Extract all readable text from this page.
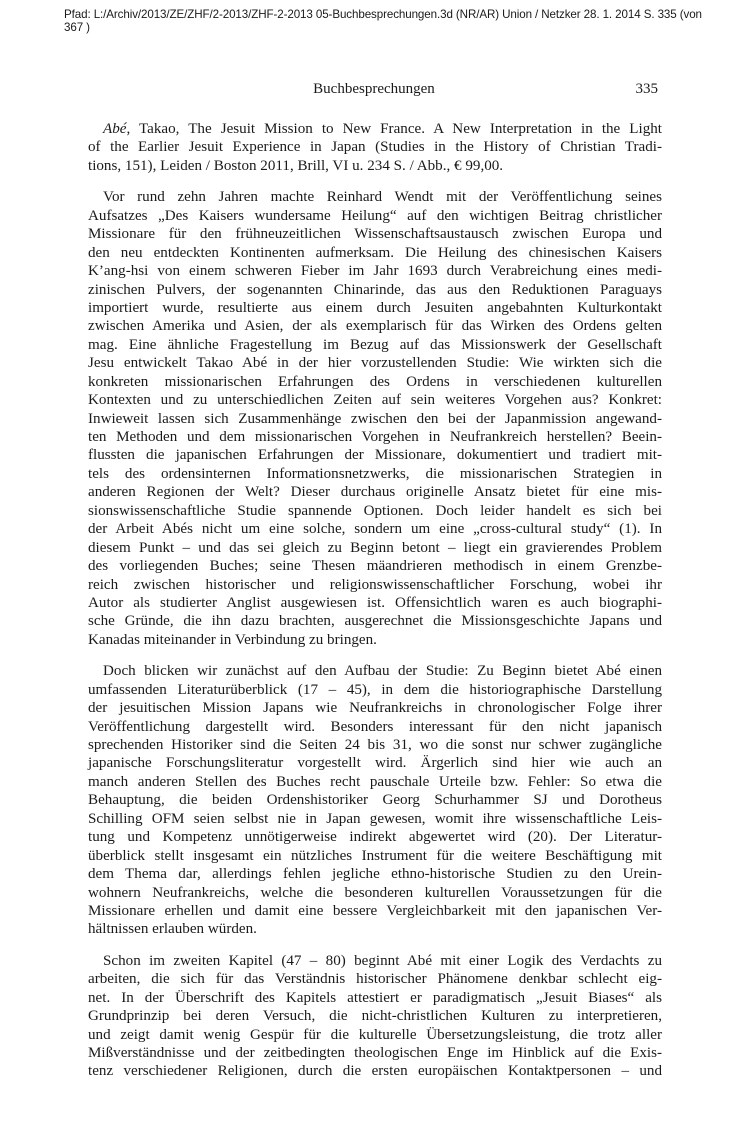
Pfad: L:/Archiv/2013/ZE/ZHF/2-2013/ZHF-2-2013 05-Buchbesprechungen.3d (NR/AR) Union / Netzker 28. 1. 2014 S. 335 (von 367 )
Buchbesprechungen	335
Abé, Takao, The Jesuit Mission to New France. A New Interpretation in the Light
of the Earlier Jesuit Experience in Japan (Studies in the History of Christian Tradi-
tions, 151), Leiden / Boston 2011, Brill, VI u. 234 S. / Abb., € 99,00.
Vor rund zehn Jahren machte Reinhard Wendt mit der Veröffentlichung seines
Aufsatzes „Des Kaisers wundersame Heilung“ auf den wichtigen Beitrag christlicher
Missionare für den frühneuzeitlichen Wissenschaftsaustausch zwischen Europa und
den neu entdeckten Kontinenten aufmerksam. Die Heilung des chinesischen Kaisers
K’ang-hsi von einem schweren Fieber im Jahr 1693 durch Verabreichung eines medi-
zinischen Pulvers, der sogenannten Chinarinde, das aus den Reduktionen Paraguays
importiert wurde, resultierte aus einem durch Jesuiten angebahnten Kulturkontakt
zwischen Amerika und Asien, der als exemplarisch für das Wirken des Ordens gelten
mag. Eine ähnliche Fragestellung im Bezug auf das Missionswerk der Gesellschaft
Jesu entwickelt Takao Abé in der hier vorzustellenden Studie: Wie wirkten sich die
konkreten missionarischen Erfahrungen des Ordens in verschiedenen kulturellen
Kontexten und zu unterschiedlichen Zeiten auf sein weiteres Vorgehen aus? Konkret:
Inwieweit lassen sich Zusammenhänge zwischen den bei der Japanmission angewand-
ten Methoden und dem missionarischen Vorgehen in Neufrankreich herstellen? Beein-
flussten die japanischen Erfahrungen der Missionare, dokumentiert und tradiert mit-
tels des ordensinternen Informationsnetzwerks, die missionarischen Strategien in
anderen Regionen der Welt? Dieser durchaus originelle Ansatz bietet für eine mis-
sionswissenschaftliche Studie spannende Optionen. Doch leider handelt es sich bei
der Arbeit Abés nicht um eine solche, sondern um eine „cross-cultural study“ (1). In
diesem Punkt – und das sei gleich zu Beginn betont – liegt ein gravierendes Problem
des vorliegenden Buches; seine Thesen mäandrieren methodisch in einem Grenzbe-
reich zwischen historischer und religionswissenschaftlicher Forschung, wobei ihr
Autor als studierter Anglist ausgewiesen ist. Offensichtlich waren es auch biographi-
sche Gründe, die ihn dazu brachten, ausgerechnet die Missionsgeschichte Japans und
Kanadas miteinander in Verbindung zu bringen.
Doch blicken wir zunächst auf den Aufbau der Studie: Zu Beginn bietet Abé einen
umfassenden Literaturüberblick (17 – 45), in dem die historiographische Darstellung
der jesuitischen Mission Japans wie Neufrankreichs in chronologischer Folge ihrer
Veröffentlichung dargestellt wird. Besonders interessant für den nicht japanisch
sprechenden Historiker sind die Seiten 24 bis 31, wo die sonst nur schwer zugängliche
japanische Forschungsliteratur vorgestellt wird. Ärgerlich sind hier wie auch an
manch anderen Stellen des Buches recht pauschale Urteile bzw. Fehler: So etwa die
Behauptung, die beiden Ordenshistoriker Georg Schurhammer SJ und Dorotheus
Schilling OFM seien selbst nie in Japan gewesen, womit ihre wissenschaftliche Leis-
tung und Kompetenz unnötigerweise indirekt abgewertet wird (20). Der Literatur-
überblick stellt insgesamt ein nützliches Instrument für die weitere Beschäftigung mit
dem Thema dar, allerdings fehlen jegliche ethno-historische Studien zu den Urein-
wohnern Neufrankreichs, welche die besonderen kulturellen Voraussetzungen für die
Missionare erhellen und damit eine bessere Vergleichbarkeit mit den japanischen Ver-
hältnissen erlauben würden.
Schon im zweiten Kapitel (47 – 80) beginnt Abé mit einer Logik des Verdachts zu
arbeiten, die sich für das Verständnis historischer Phänomene denkbar schlecht eig-
net. In der Überschrift des Kapitels attestiert er paradigmatisch „Jesuit Biases“ als
Grundprinzip bei deren Versuch, die nicht-christlichen Kulturen zu interpretieren,
und zeigt damit wenig Gespür für die kulturelle Übersetzungsleistung, die trotz aller
Mißverständnisse und der zeitbedingten theologischen Enge im Hinblick auf die Exis-
tenz verschiedener Religionen, durch die ersten europäischen Kontaktpersonen – und
